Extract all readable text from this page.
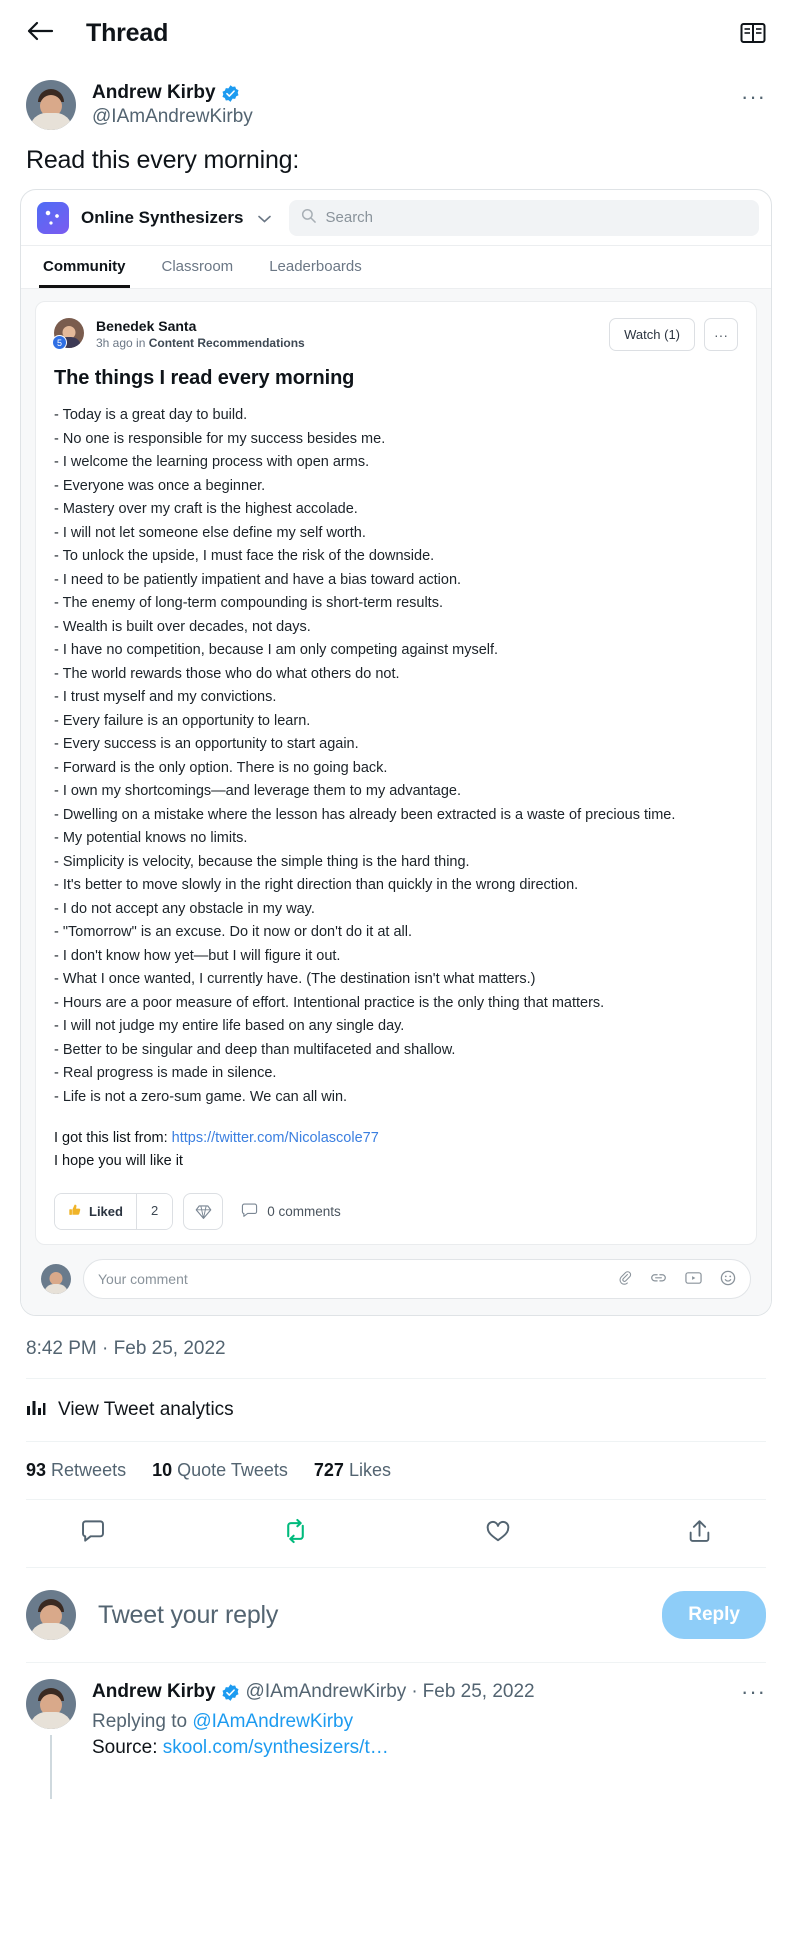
Thread
Andrew Kirby
@IAmAndrewKirby
···
Read this every morning:
Online Synthesizers	Search
Community Classroom Leaderboards
5
Benedek Santa
3h ago in Content Recommendations
Watch (1)	···
The things I read every morning
- Today is a great day to build.
- No one is responsible for my success besides me.
- I welcome the learning process with open arms.
- Everyone was once a beginner.
- Mastery over my craft is the highest accolade.
- I will not let someone else define my self worth.
- To unlock the upside, I must face the risk of the downside.
- I need to be patiently impatient and have a bias toward action.
- The enemy of long-term compounding is short-term results.
- Wealth is built over decades, not days.
- I have no competition, because I am only competing against myself.
- The world rewards those who do what others do not.
- I trust myself and my convictions.
- Every failure is an opportunity to learn.
- Every success is an opportunity to start again.
- Forward is the only option. There is no going back.
- I own my shortcomings—and leverage them to my advantage.
- Dwelling on a mistake where the lesson has already been extracted is a waste of precious time.
- My potential knows no limits.
- Simplicity is velocity, because the simple thing is the hard thing.
- It's better to move slowly in the right direction than quickly in the wrong direction.
- I do not accept any obstacle in my way.
- "Tomorrow" is an excuse. Do it now or don't do it at all.
- I don't know how yet—but I will figure it out.
- What I once wanted, I currently have. (The destination isn't what matters.)
- Hours are a poor measure of effort. Intentional practice is the only thing that matters.
- I will not judge my entire life based on any single day.
- Better to be singular and deep than multifaceted and shallow.
- Real progress is made in silence.
- Life is not a zero-sum game. We can all win.
I got this list from: https://twitter.com/Nicolascole77
I hope you will like it
Liked	2	0 comments
Your comment
8:42 PM · Feb 25, 2022
View Tweet analytics
93 Retweets 10 Quote Tweets 727 Likes
Tweet your reply	Reply
Andrew Kirby @IAmAndrewKirby · Feb 25, 2022	···
Replying to @IAmAndrewKirby
Source: skool.com/synthesizers/t…
